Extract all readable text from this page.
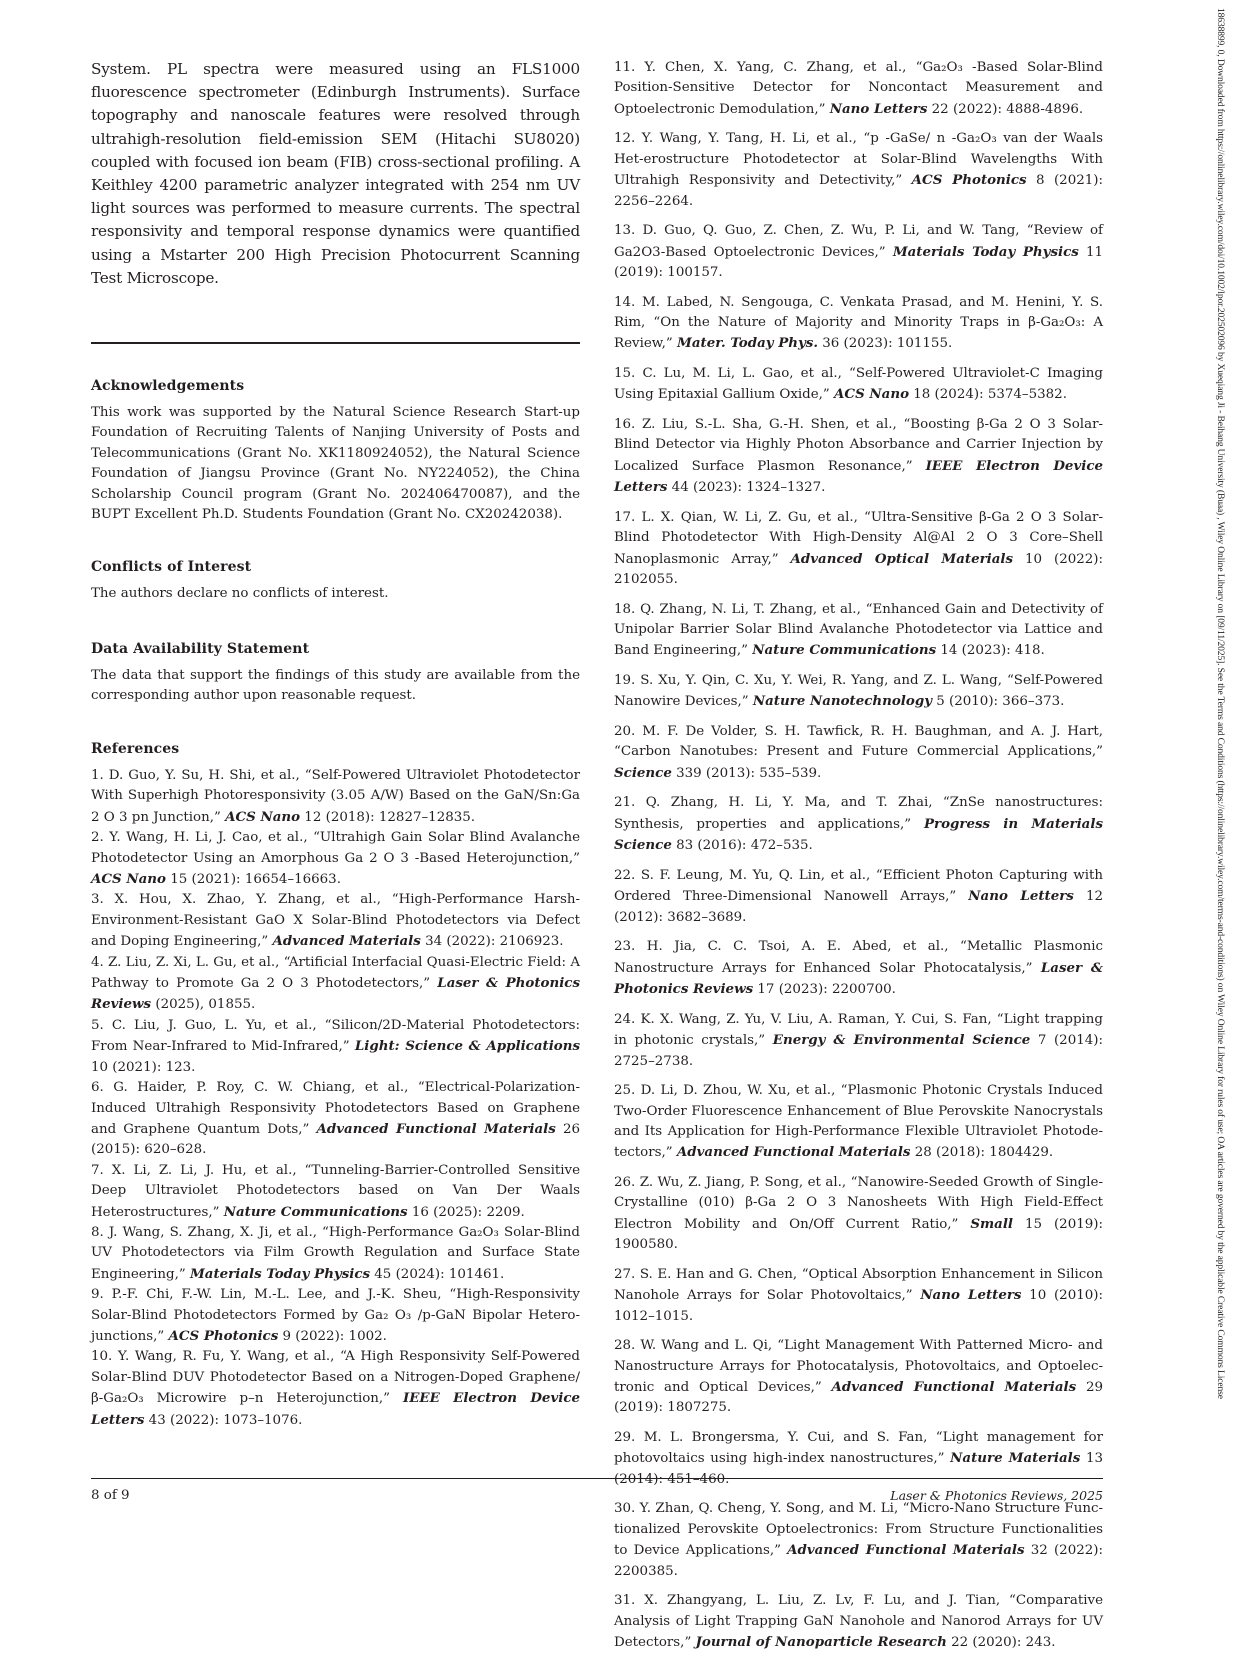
System. PL spectra were measured using an FLS1000 fluorescence spectrometer (Edinburgh Instruments). Surface topography and nanoscale features were resolved through ultrahigh-resolution field-emission SEM (Hitachi SU8020) coupled with focused ion beam (FIB) cross-sectional profiling. A Keithley 4200 parametric analyzer integrated with 254 nm UV light sources was performed to measure currents. The spectral responsivity and temporal response dynamics were quantified using a Mstarter 200 High Precision Photocurrent Scanning Test Microscope.

Acknowledgements

This work was supported by the Natural Science Research Start-up Foundation of Recruiting Talents of Nanjing University of Posts and Telecommunications (Grant No. XK1180924052), the Natural Science Foundation of Jiangsu Province (Grant No. NY224052), the China Scholarship Council program (Grant No. 202406470087), and the BUPT Excellent Ph.D. Students Foundation (Grant No. CX20242038).

Conflicts of Interest

The authors declare no conflicts of interest.

Data Availability Statement

The data that support the findings of this study are available from the corresponding author upon reasonable request.

References

1. D. Guo, Y. Su, H. Shi, et al., “Self-Powered Ultraviolet Photodetector With Superhigh Photoresponsivity (3.05 A/W) Based on the GaN/Sn:Ga 2 O 3 pn Junction,” ACS Nano 12 (2018): 12827–12835.

2. Y. Wang, H. Li, J. Cao, et al., “Ultrahigh Gain Solar Blind Avalanche Photodetector Using an Amorphous Ga 2 O 3 -Based Heterojunction,” ACS Nano 15 (2021): 16654–16663.

3. X. Hou, X. Zhao, Y. Zhang, et al., “High-Performance Harsh-Environment-Resistant GaO X Solar-Blind Photodetectors via Defect and Doping Engineering,” Advanced Materials 34 (2022): 2106923.

4. Z. Liu, Z. Xi, L. Gu, et al., “Artificial Interfacial Quasi-Electric Field: A Pathway to Promote Ga 2 O 3 Photodetectors,” Laser & Photonics Reviews (2025), 01855.

5. C. Liu, J. Guo, L. Yu, et al., “Silicon/2D-Material Photodetectors: From Near-Infrared to Mid-Infrared,” Light: Science & Applications 10 (2021): 123.

6. G. Haider, P. Roy, C. W. Chiang, et al., “Electrical-Polarization-Induced Ultrahigh Responsivity Photodetectors Based on Graphene and Graphene Quantum Dots,” Advanced Functional Materials 26 (2015): 620–628.

7. X. Li, Z. Li, J. Hu, et al., “Tunneling-Barrier-Controlled Sensitive Deep Ultraviolet Photodetectors based on Van Der Waals Heterostructures,” Nature Communications 16 (2025): 2209.

8. J. Wang, S. Zhang, X. Ji, et al., “High-Performance Ga₂O₃ Solar-Blind UV Photodetectors via Film Growth Regulation and Surface State Engineering,” Materials Today Physics 45 (2024): 101461.

9. P.-F. Chi, F.-W. Lin, M.-L. Lee, and J.-K. Sheu, “High-Responsivity Solar-Blind Photodetectors Formed by Ga₂ O₃ /p-GaN Bipolar Hetero-junctions,” ACS Photonics 9 (2022): 1002.

10. Y. Wang, R. Fu, Y. Wang, et al., “A High Responsivity Self-Powered Solar-Blind DUV Photodetector Based on a Nitrogen-Doped Graphene/β-Ga₂O₃ Microwire p–n Heterojunction,” IEEE Electron Device Letters 43 (2022): 1073–1076.

11. Y. Chen, X. Yang, C. Zhang, et al., “Ga₂O₃ -Based Solar-Blind Position-Sensitive Detector for Noncontact Measurement and Optoelectronic Demodulation,” Nano Letters 22 (2022): 4888-4896.

12. Y. Wang, Y. Tang, H. Li, et al., “p -GaSe/ n -Ga₂O₃ van der Waals Het-erostructure Photodetector at Solar-Blind Wavelengths With Ultrahigh Responsivity and Detectivity,” ACS Photonics 8 (2021): 2256–2264.

13. D. Guo, Q. Guo, Z. Chen, Z. Wu, P. Li, and W. Tang, “Review of Ga2O3-Based Optoelectronic Devices,” Materials Today Physics 11 (2019): 100157.

14. M. Labed, N. Sengouga, C. Venkata Prasad, and M. Henini, Y. S. Rim, “On the Nature of Majority and Minority Traps in β-Ga₂O₃: A Review,” Mater. Today Phys. 36 (2023): 101155.

15. C. Lu, M. Li, L. Gao, et al., “Self-Powered Ultraviolet-C Imaging Using Epitaxial Gallium Oxide,” ACS Nano 18 (2024): 5374–5382.

16. Z. Liu, S.-L. Sha, G.-H. Shen, et al., “Boosting β-Ga 2 O 3 Solar-Blind Detector via Highly Photon Absorbance and Carrier Injection by Localized Surface Plasmon Resonance,” IEEE Electron Device Letters 44 (2023): 1324–1327.

17. L. X. Qian, W. Li, Z. Gu, et al., “Ultra-Sensitive β-Ga 2 O 3 Solar-Blind Photodetector With High-Density Al@Al 2 O 3 Core–Shell Nanoplasmonic Array,” Advanced Optical Materials 10 (2022): 2102055.

18. Q. Zhang, N. Li, T. Zhang, et al., “Enhanced Gain and Detectivity of Unipolar Barrier Solar Blind Avalanche Photodetector via Lattice and Band Engineering,” Nature Communications 14 (2023): 418.

19. S. Xu, Y. Qin, C. Xu, Y. Wei, R. Yang, and Z. L. Wang, “Self-Powered Nanowire Devices,” Nature Nanotechnology 5 (2010): 366–373.

20. M. F. De Volder, S. H. Tawfick, R. H. Baughman, and A. J. Hart, “Carbon Nanotubes: Present and Future Commercial Applications,” Science 339 (2013): 535–539.

21. Q. Zhang, H. Li, Y. Ma, and T. Zhai, “ZnSe nanostructures: Synthesis, properties and applications,” Progress in Materials Science 83 (2016): 472–535.

22. S. F. Leung, M. Yu, Q. Lin, et al., “Efficient Photon Capturing with Ordered Three-Dimensional Nanowell Arrays,” Nano Letters 12 (2012): 3682–3689.

23. H. Jia, C. C. Tsoi, A. E. Abed, et al., “Metallic Plasmonic Nanostructure Arrays for Enhanced Solar Photocatalysis,” Laser & Photonics Reviews 17 (2023): 2200700.

24. K. X. Wang, Z. Yu, V. Liu, A. Raman, Y. Cui, S. Fan, “Light trapping in photonic crystals,” Energy & Environmental Science 7 (2014): 2725–2738.

25. D. Li, D. Zhou, W. Xu, et al., “Plasmonic Photonic Crystals Induced Two-Order Fluorescence Enhancement of Blue Perovskite Nanocrystals and Its Application for High-Performance Flexible Ultraviolet Photode-tectors,” Advanced Functional Materials 28 (2018): 1804429.

26. Z. Wu, Z. Jiang, P. Song, et al., “Nanowire-Seeded Growth of Single-Crystalline (010) β-Ga 2 O 3 Nanosheets With High Field-Effect Electron Mobility and On/Off Current Ratio,” Small 15 (2019): 1900580.

27. S. E. Han and G. Chen, “Optical Absorption Enhancement in Silicon Nanohole Arrays for Solar Photovoltaics,” Nano Letters 10 (2010): 1012–1015.

28. W. Wang and L. Qi, “Light Management With Patterned Micro- and Nanostructure Arrays for Photocatalysis, Photovoltaics, and Optoelec-tronic and Optical Devices,” Advanced Functional Materials 29 (2019): 1807275.

29. M. L. Brongersma, Y. Cui, and S. Fan, “Light management for photovoltaics using high-index nanostructures,” Nature Materials 13 (2014): 451–460.

30. Y. Zhan, Q. Cheng, Y. Song, and M. Li, “Micro-Nano Structure Func-tionalized Perovskite Optoelectronics: From Structure Functionalities to Device Applications,” Advanced Functional Materials 32 (2022): 2200385.

31. X. Zhangyang, L. Liu, Z. Lv, F. Lu, and J. Tian, “Comparative Analysis of Light Trapping GaN Nanohole and Nanorod Arrays for UV Detectors,” Journal of Nanoparticle Research 22 (2020): 243.

8 of 9	Laser & Photonics Reviews, 2025
18638899, 0, Downloaded from https://onlinelibrary.wiley.com/doi/10.1002/lpor.202502096 by Xueqiang Ji - Beihang University (Buaa) , Wiley Online Library on [09/11/2025]. See the Terms and Conditions (https://onlinelibrary.wiley.com/terms-and-conditions) on Wiley Online Library for rules of use; OA articles are governed by the applicable Creative Commons License
